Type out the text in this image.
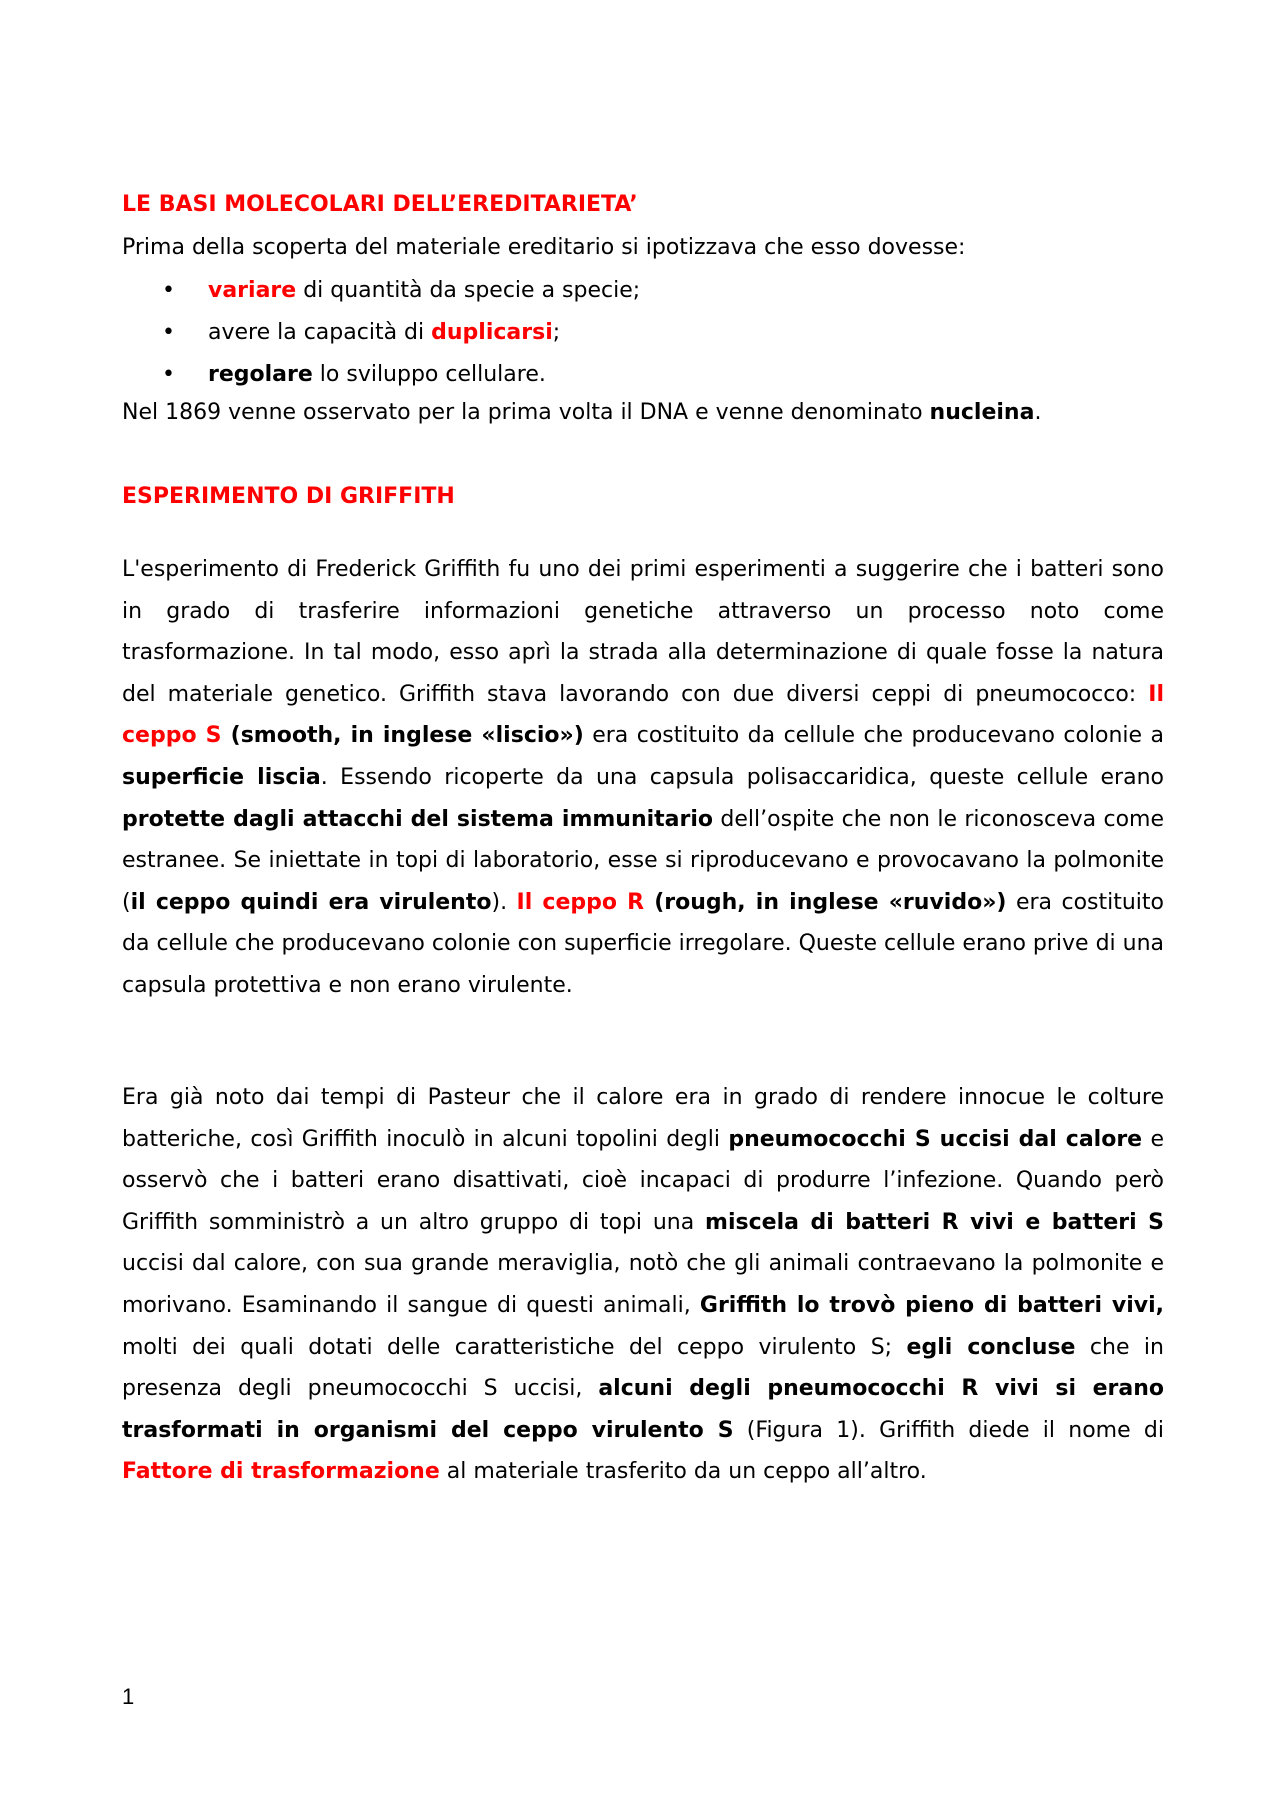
LE BASI MOLECOLARI DELL’EREDITARIETA’

Prima della scoperta del materiale ereditario si ipotizzava che esso dovesse:

• variare di quantità da specie a specie;
• avere la capacità di duplicarsi;
• regolare lo sviluppo cellulare.

Nel 1869 venne osservato per la prima volta il DNA e venne denominato nucleina.

ESPERIMENTO DI GRIFFITH

L'esperimento di Frederick Griffith fu uno dei primi esperimenti a suggerire che i batteri sono in grado di trasferire informazioni genetiche attraverso un processo noto come trasformazione. In tal modo, esso aprì la strada alla determinazione di quale fosse la natura del materiale genetico. Griffith stava lavorando con due diversi ceppi di pneumococco: Il ceppo S (smooth, in inglese «liscio») era costituito da cellule che producevano colonie a superficie liscia. Essendo ricoperte da una capsula polisaccaridica, queste cellule erano protette dagli attacchi del sistema immunitario dell’ospite che non le riconosceva come estranee. Se iniettate in topi di laboratorio, esse si riproducevano e provocavano la polmonite (il ceppo quindi era virulento). Il ceppo R (rough, in inglese «ruvido») era costituito da cellule che producevano colonie con superficie irregolare. Queste cellule erano prive di una capsula protettiva e non erano virulente.

Era già noto dai tempi di Pasteur che il calore era in grado di rendere innocue le colture batteriche, così Griffith inoculò in alcuni topolini degli pneumococchi S uccisi dal calore e osservò che i batteri erano disattivati, cioè incapaci di produrre l’infezione. Quando però Griffith somministrò a un altro gruppo di topi una miscela di batteri R vivi e batteri S uccisi dal calore, con sua grande meraviglia, notò che gli animali contraevano la polmonite e morivano. Esaminando il sangue di questi animali, Griffith lo trovò pieno di batteri vivi, molti dei quali dotati delle caratteristiche del ceppo virulento S; egli concluse che in presenza degli pneumococchi S uccisi, alcuni degli pneumococchi R vivi si erano trasformati in organismi del ceppo virulento S (Figura 1). Griffith diede il nome di Fattore di trasformazione al materiale trasferito da un ceppo all’altro.

1
